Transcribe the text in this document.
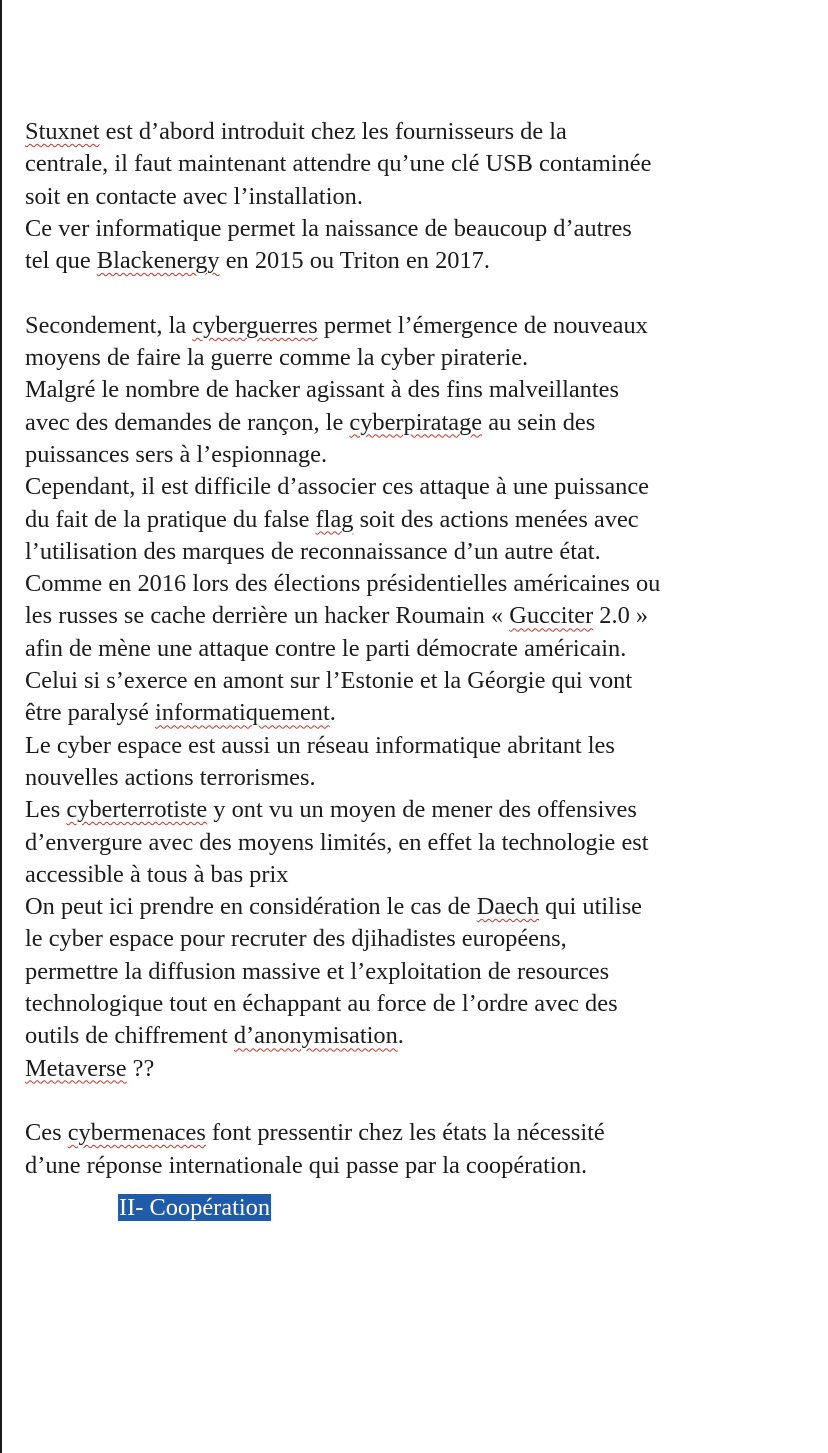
Stuxnet est d’abord introduit chez les fournisseurs de la
centrale, il faut maintenant attendre qu’une clé USB contaminée
soit en contacte avec l’installation.
Ce ver informatique permet la naissance de beaucoup d’autres
tel que Blackenergy en 2015 ou Triton en 2017.
Secondement, la cyberguerres permet l’émergence de nouveaux
moyens de faire la guerre comme la cyber piraterie.
Malgré le nombre de hacker agissant à des fins malveillantes
avec des demandes de rançon, le cyberpiratage au sein des
puissances sers à l’espionnage.
Cependant, il est difficile d’associer ces attaque à une puissance
du fait de la pratique du false flag soit des actions menées avec
l’utilisation des marques de reconnaissance d’un autre état.
Comme en 2016 lors des élections présidentielles américaines ou
les russes se cache derrière un hacker Roumain « Gucciter 2.0 »
afin de mène une attaque contre le parti démocrate américain.
Celui si s’exerce en amont sur l’Estonie et la Géorgie qui vont
être paralysé informatiquement.
Le cyber espace est aussi un réseau informatique abritant les
nouvelles actions terrorismes.
Les cyberterrotiste y ont vu un moyen de mener des offensives
d’envergure avec des moyens limités, en effet la technologie est
accessible à tous à bas prix
On peut ici prendre en considération le cas de Daech qui utilise
le cyber espace pour recruter des djihadistes européens,
permettre la diffusion massive et l’exploitation de resources
technologique tout en échappant au force de l’ordre avec des
outils de chiffrement d’anonymisation.
Metaverse ??
Ces cybermenaces font pressentir chez les états la nécessité
d’une réponse internationale qui passe par la coopération.
II- Coopération
